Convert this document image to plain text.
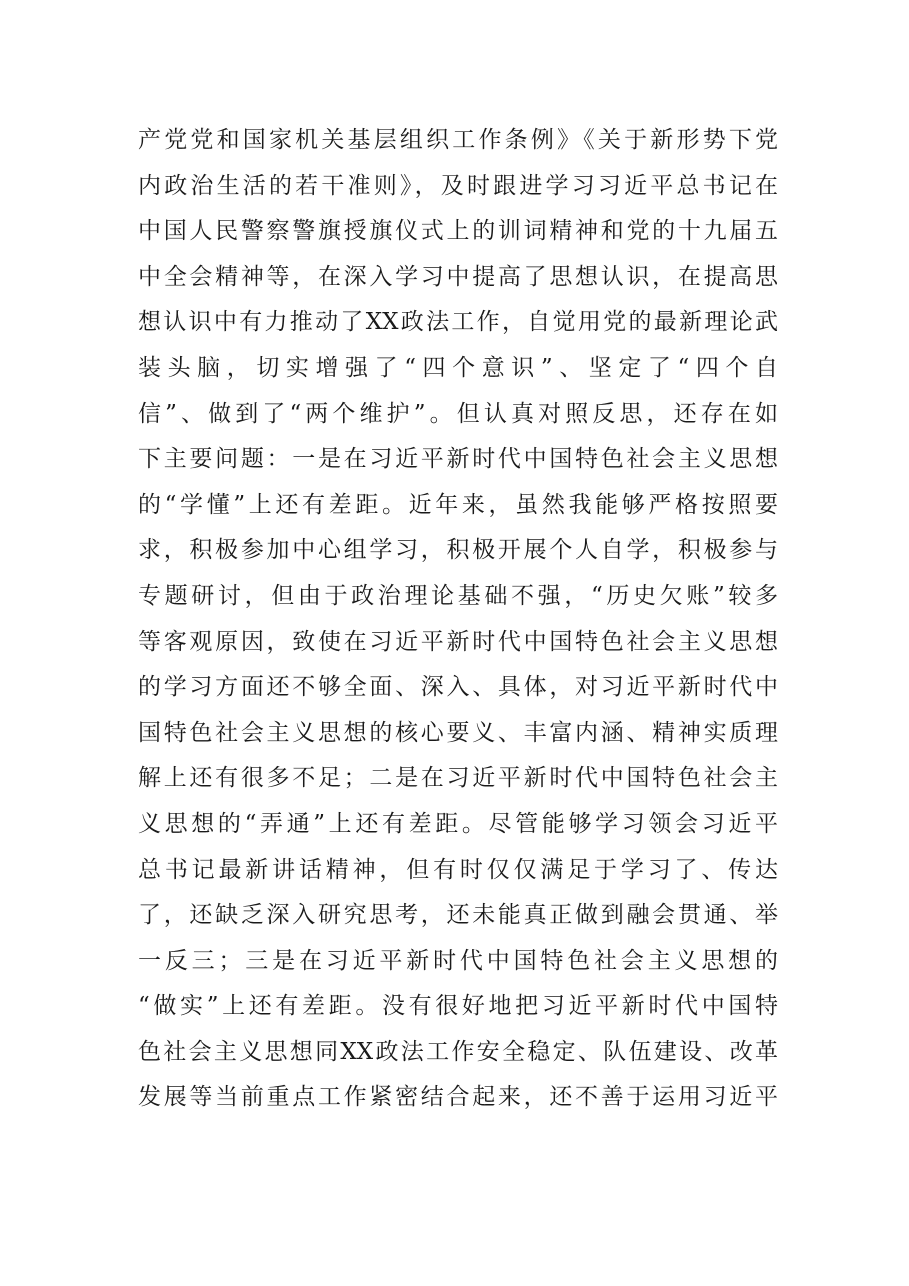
产党党和国家机关基层组织工作条例》《关于新形势下党
内政治生活的若干准则》，及时跟进学习习近平总书记在
中国人民警察警旗授旗仪式上的训词精神和党的十九届五
中全会精神等，在深入学习中提高了思想认识，在提高思
想认识中有力推动了XX政法工作，自觉用党的最新理论武
装头脑，切实增强了“四个意识”、坚定了“四个自
信”、做到了“两个维护”。但认真对照反思，还存在如
下主要问题：一是在习近平新时代中国特色社会主义思想
的“学懂”上还有差距。近年来，虽然我能够严格按照要
求，积极参加中心组学习，积极开展个人自学，积极参与
专题研讨，但由于政治理论基础不强，“历史欠账”较多
等客观原因，致使在习近平新时代中国特色社会主义思想
的学习方面还不够全面、深入、具体，对习近平新时代中
国特色社会主义思想的核心要义、丰富内涵、精神实质理
解上还有很多不足；二是在习近平新时代中国特色社会主
义思想的“弄通”上还有差距。尽管能够学习领会习近平
总书记最新讲话精神，但有时仅仅满足于学习了、传达
了，还缺乏深入研究思考，还未能真正做到融会贯通、举
一反三；三是在习近平新时代中国特色社会主义思想的
“做实”上还有差距。没有很好地把习近平新时代中国特
色社会主义思想同XX政法工作安全稳定、队伍建设、改革
发展等当前重点工作紧密结合起来，还不善于运用习近平
